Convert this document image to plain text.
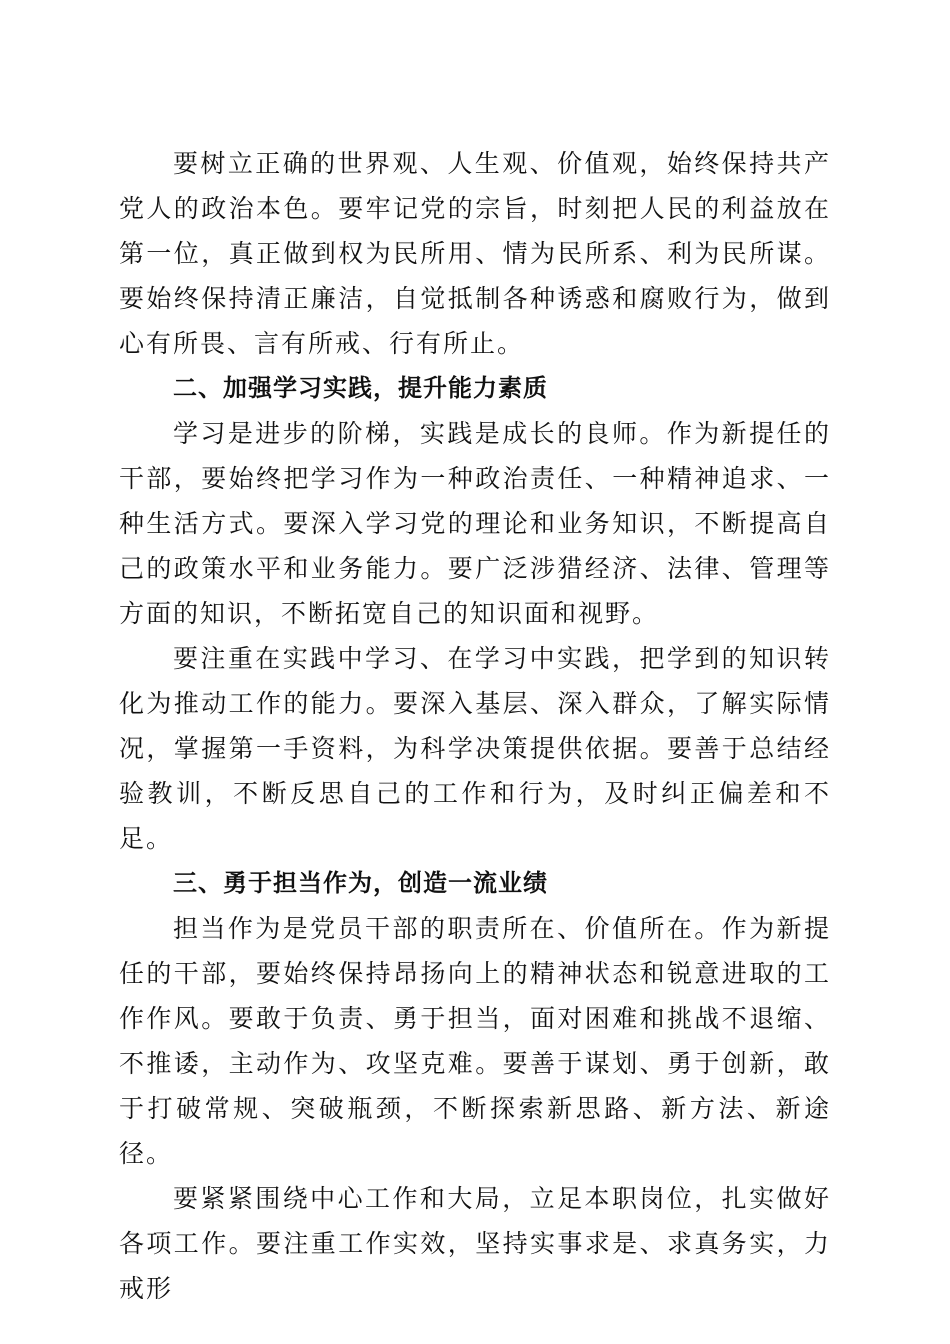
要树立正确的世界观、人生观、价值观，始终保持共产党人的政治本色。要牢记党的宗旨，时刻把人民的利益放在第一位，真正做到权为民所用、情为民所系、利为民所谋。要始终保持清正廉洁，自觉抵制各种诱惑和腐败行为，做到心有所畏、言有所戒、行有所止。

二、加强学习实践，提升能力素质

学习是进步的阶梯，实践是成长的良师。作为新提任的干部，要始终把学习作为一种政治责任、一种精神追求、一种生活方式。要深入学习党的理论和业务知识，不断提高自己的政策水平和业务能力。要广泛涉猎经济、法律、管理等方面的知识，不断拓宽自己的知识面和视野。

要注重在实践中学习、在学习中实践，把学到的知识转化为推动工作的能力。要深入基层、深入群众，了解实际情况，掌握第一手资料，为科学决策提供依据。要善于总结经验教训，不断反思自己的工作和行为，及时纠正偏差和不足。

三、勇于担当作为，创造一流业绩

担当作为是党员干部的职责所在、价值所在。作为新提任的干部，要始终保持昂扬向上的精神状态和锐意进取的工作作风。要敢于负责、勇于担当，面对困难和挑战不退缩、不推诿，主动作为、攻坚克难。要善于谋划、勇于创新，敢于打破常规、突破瓶颈，不断探索新思路、新方法、新途径。

要紧紧围绕中心工作和大局，立足本职岗位，扎实做好各项工作。要注重工作实效，坚持实事求是、求真务实，力戒形
